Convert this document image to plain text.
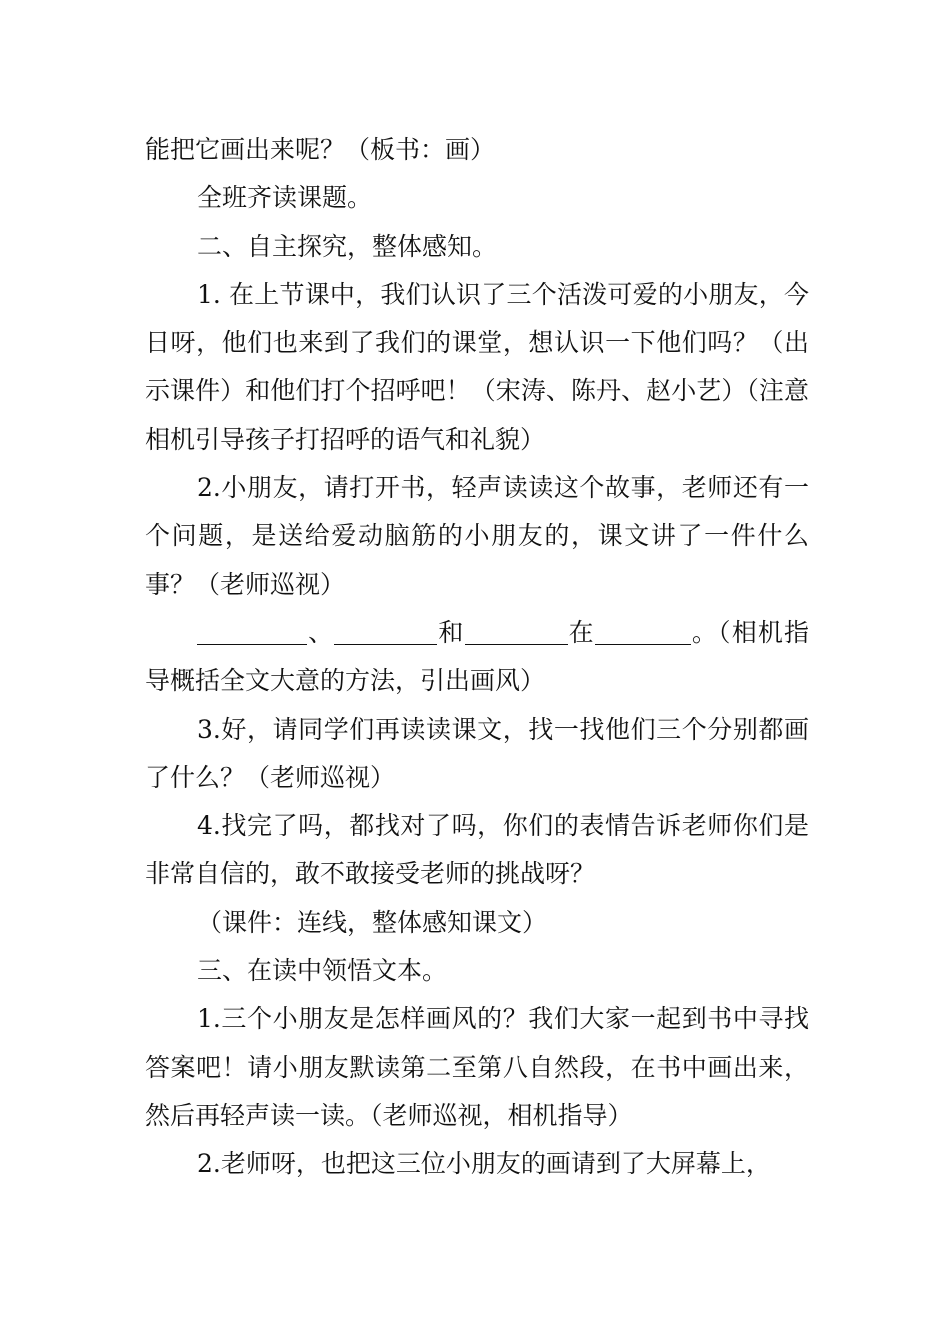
能把它画出来呢？（板书：画）

全班齐读课题。

二、自主探究，整体感知。

1. 在上节课中，我们认识了三个活泼可爱的小朋友，今日呀，他们也来到了我们的课堂，想认识一下他们吗？（出示课件）和他们打个招呼吧！（宋涛、陈丹、赵小艺）（注意相机引导孩子打招呼的语气和礼貌）

2.小朋友，请打开书，轻声读读这个故事，老师还有一个问题，是送给爱动脑筋的小朋友的，课文讲了一件什么事？（老师巡视）

、	和	在	。（相机指导概括全文大意的方法，引出画风）

3.好，请同学们再读读课文，找一找他们三个分别都画了什么？（老师巡视）

4.找完了吗，都找对了吗，你们的表情告诉老师你们是非常自信的，敢不敢接受老师的挑战呀？

（课件：连线，整体感知课文）

三、在读中领悟文本。

1.三个小朋友是怎样画风的？我们大家一起到书中寻找答案吧！请小朋友默读第二至第八自然段，在书中画出来，然后再轻声读一读。（老师巡视，相机指导）

2.老师呀，也把这三位小朋友的画请到了大屏幕上，
